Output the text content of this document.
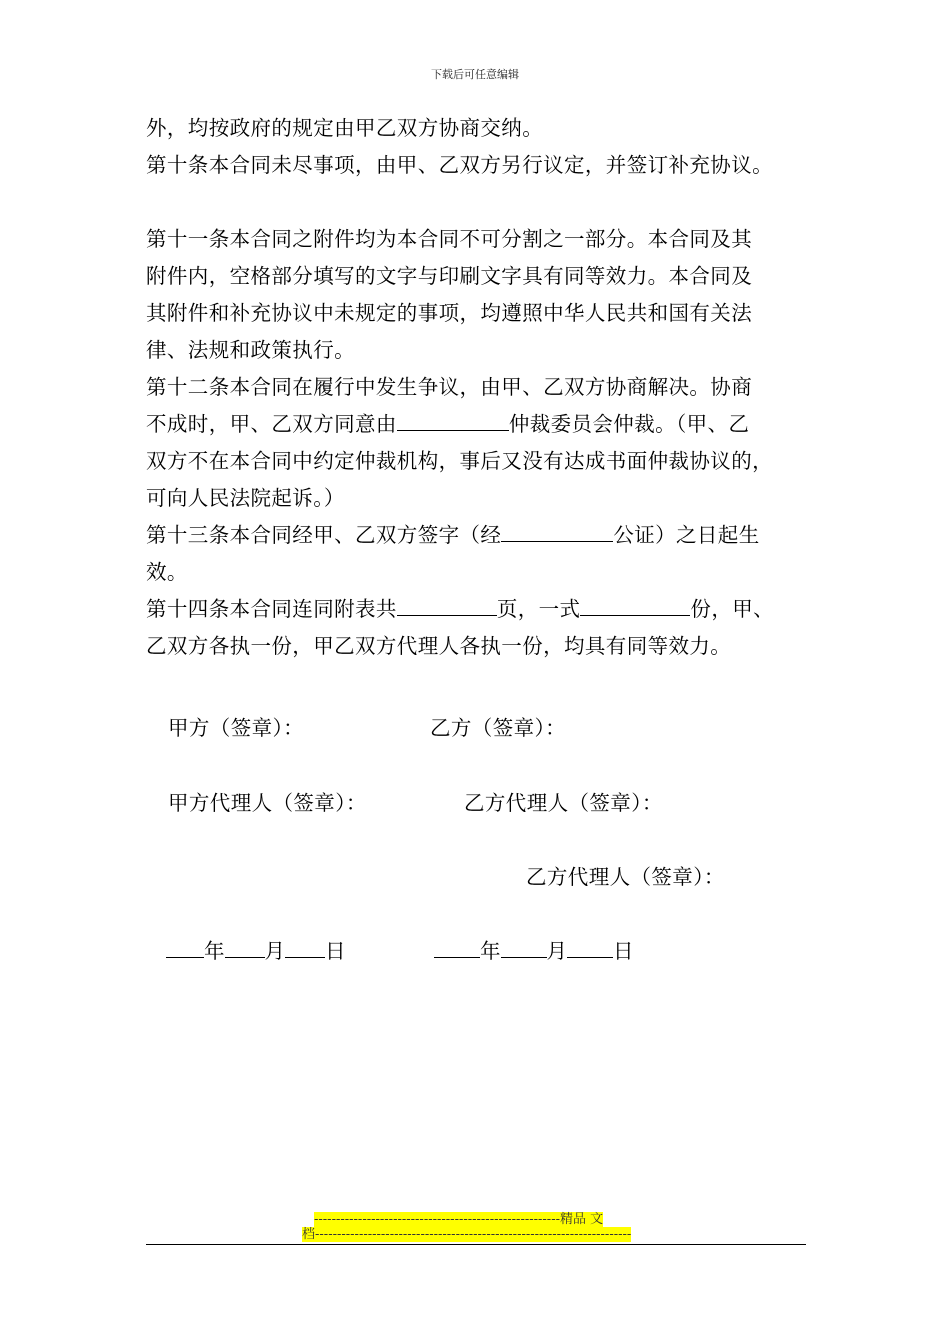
下载后可任意编辑
外，均按政府的规定由甲乙双方协商交纳。
第十条本合同未尽事项，由甲、乙双方另行议定，并签订补充协议。
第十一条本合同之附件均为本合同不可分割之一部分。本合同及其
附件内，空格部分填写的文字与印刷文字具有同等效力。本合同及
其附件和补充协议中未规定的事项，均遵照中华人民共和国有关法
律、法规和政策执行。
第十二条本合同在履行中发生争议，由甲、乙双方协商解决。协商
不成时，甲、乙双方同意由	仲裁委员会仲裁。（甲、乙
双方不在本合同中约定仲裁机构，事后又没有达成书面仲裁协议的，
可向人民法院起诉。）
第十三条本合同经甲、乙双方签字（经	公证）之日起生
效。
第十四条本合同连同附表共	页，一式	份，甲、
乙双方各执一份，甲乙双方代理人各执一份，均具有同等效力。
甲方（签章）：	乙方（签章）：
甲方代理人（签章）：	乙方代理人（签章）：
乙方代理人（签章）：
年 月 日	年 月 日
--------------------------------------------------------精品 文
档------------------------------------------------------------------------
